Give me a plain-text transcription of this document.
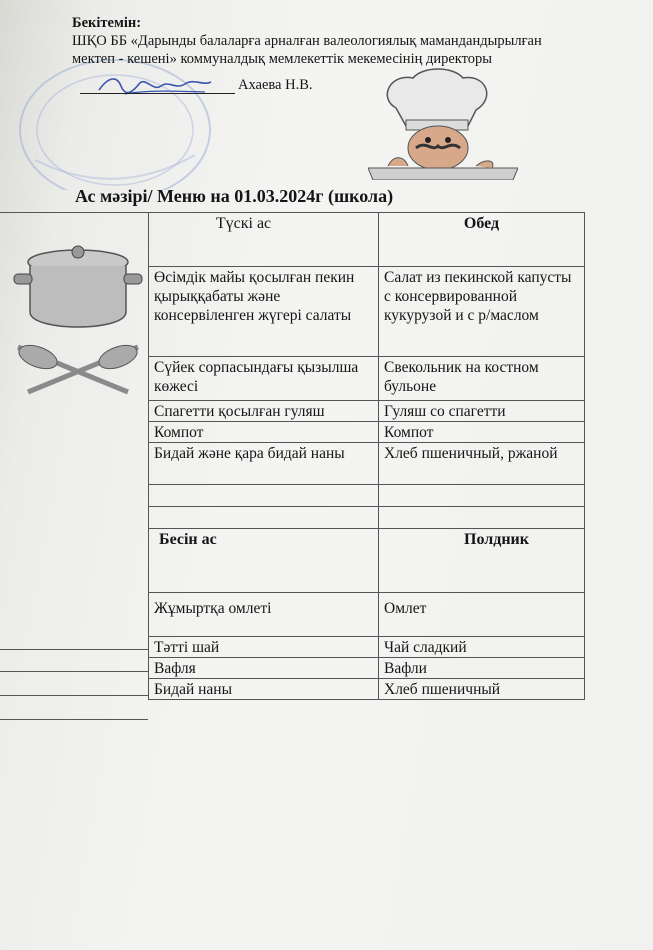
Бекітемін:
ШҚО ББ «Дарынды балаларға арналған валеологиялық мамандандырылған
мектеп - кешені» коммуналдық мемлекеттік мекемесінің директоры
Ахаева Н.В.
Ас мәзірі/ Меню на 01.03.2024г (школа)
Түскі ас	Обед
Өсімдік майы қосылған пекин қырыққабаты және консервіленген жүгері салаты	Салат из пекинской капусты с консервированной кукурузой и с р/маслом
Сүйек сорпасындағы қызылша көжесі	Свекольник на костном бульоне
Спагетти қосылған гуляш	Гуляш со спагетти
Компот	Компот
Бидай және қара бидай наны	Хлеб пшеничный, ржаной

Бесін ас	Полдник
Жұмыртқа омлеті	Омлет
Тәтті шай	Чай сладкий
Вафля	Вафли
Бидай наны	Хлеб пшеничный
